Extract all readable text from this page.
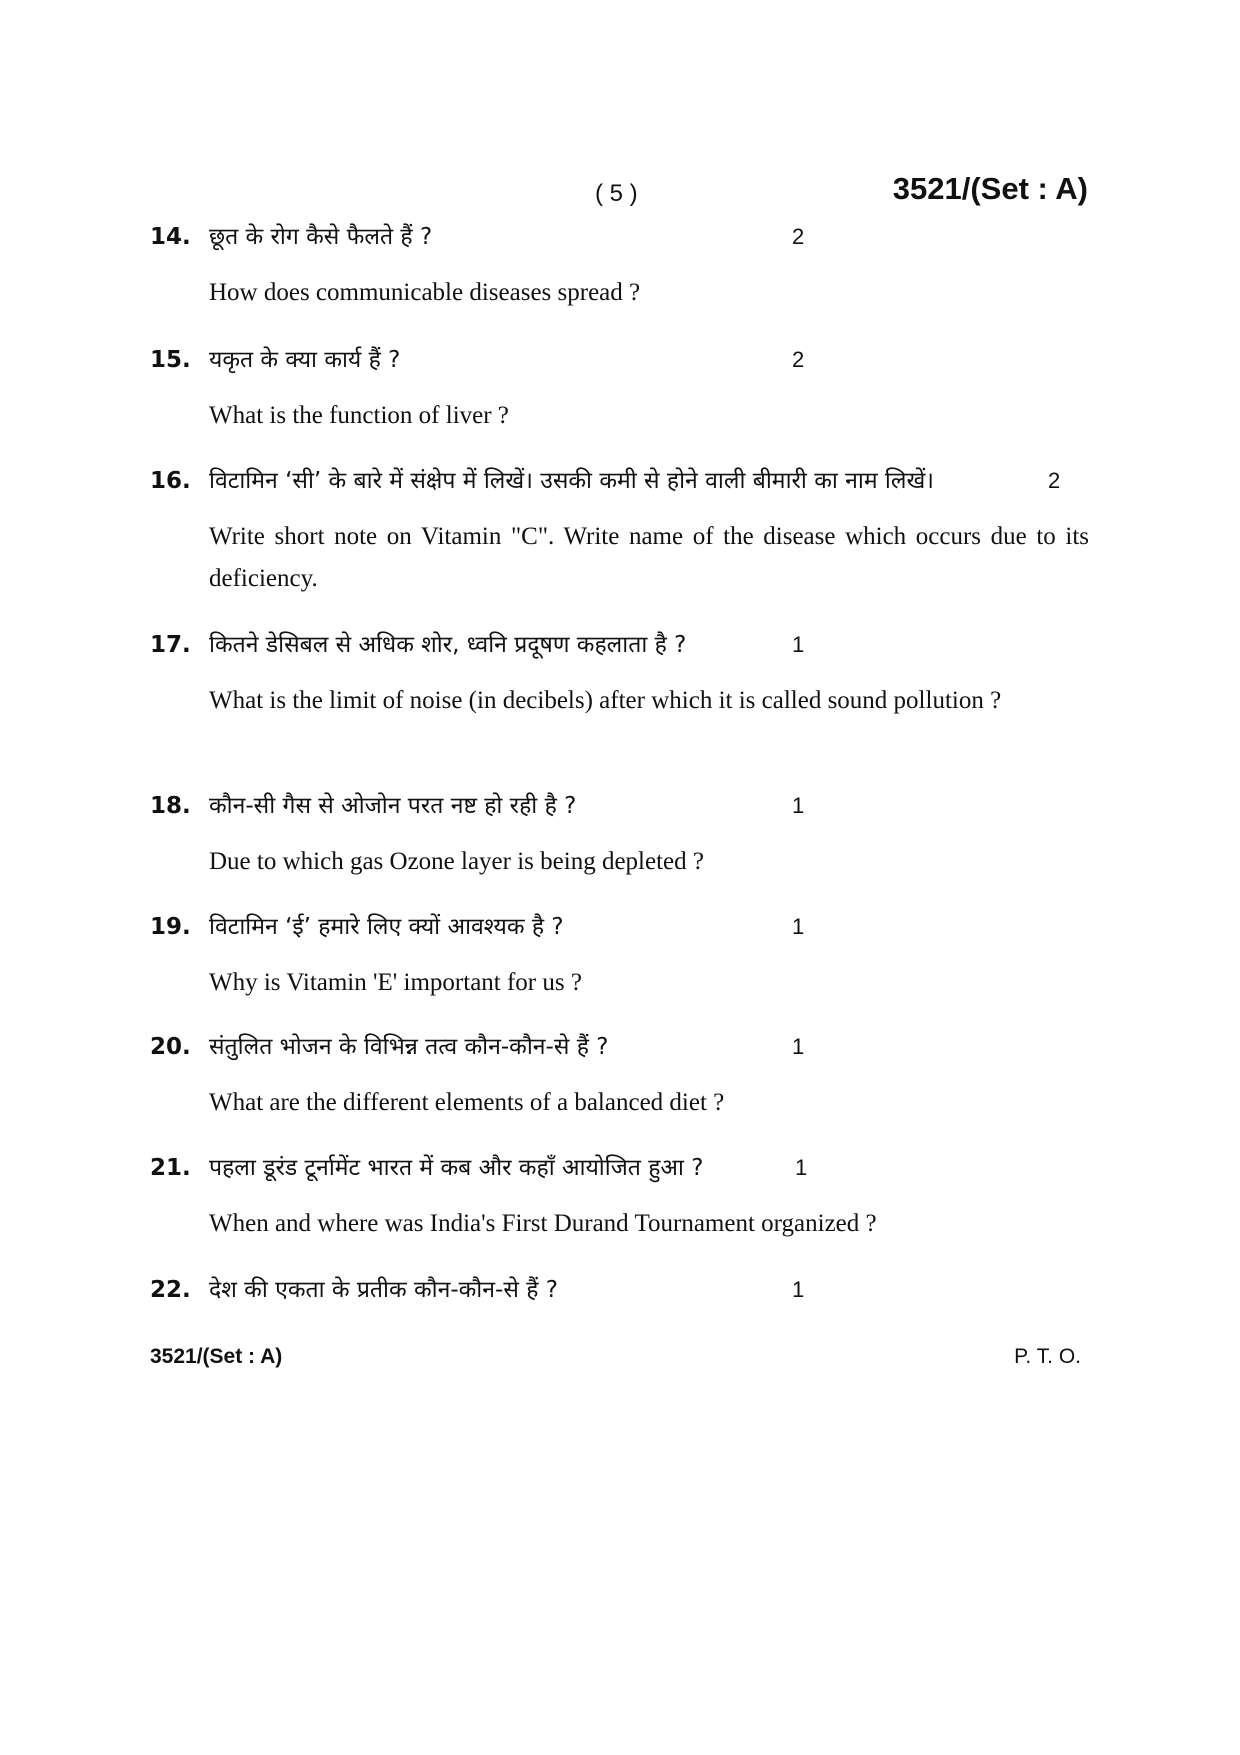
( 5 )	3521/(Set : A)
14. छूत के रोग कैसे फैलते हैं ?	2
How does communicable diseases spread ?
15. यकृत के क्या कार्य हैं ?	2
What is the function of liver ?
16. विटामिन ‘सी’ के बारे में संक्षेप में लिखें। उसकी कमी से होने वाली बीमारी का नाम लिखें।	2
Write short note on Vitamin "C". Write name of the disease which occurs due to its deficiency.
17. कितने डेसिबल से अधिक शोर, ध्वनि प्रदूषण कहलाता है ?	1
What is the limit of noise (in decibels) after which it is called sound pollution ?
18. कौन-सी गैस से ओजोन परत नष्ट हो रही है ?	1
Due to which gas Ozone layer is being depleted ?
19. विटामिन ‘ई’ हमारे लिए क्यों आवश्यक है ?	1
Why is Vitamin 'E' important for us ?
20. संतुलित भोजन के विभिन्न तत्व कौन-कौन-से हैं ?	1
What are the different elements of a balanced diet ?
21. पहला डूरंड टूर्नामेंट भारत में कब और कहाँ आयोजित हुआ ?	1
When and where was India's First Durand Tournament organized ?
22. देश की एकता के प्रतीक कौन-कौन-से हैं ?	1
3521/(Set : A)	P. T. O.
